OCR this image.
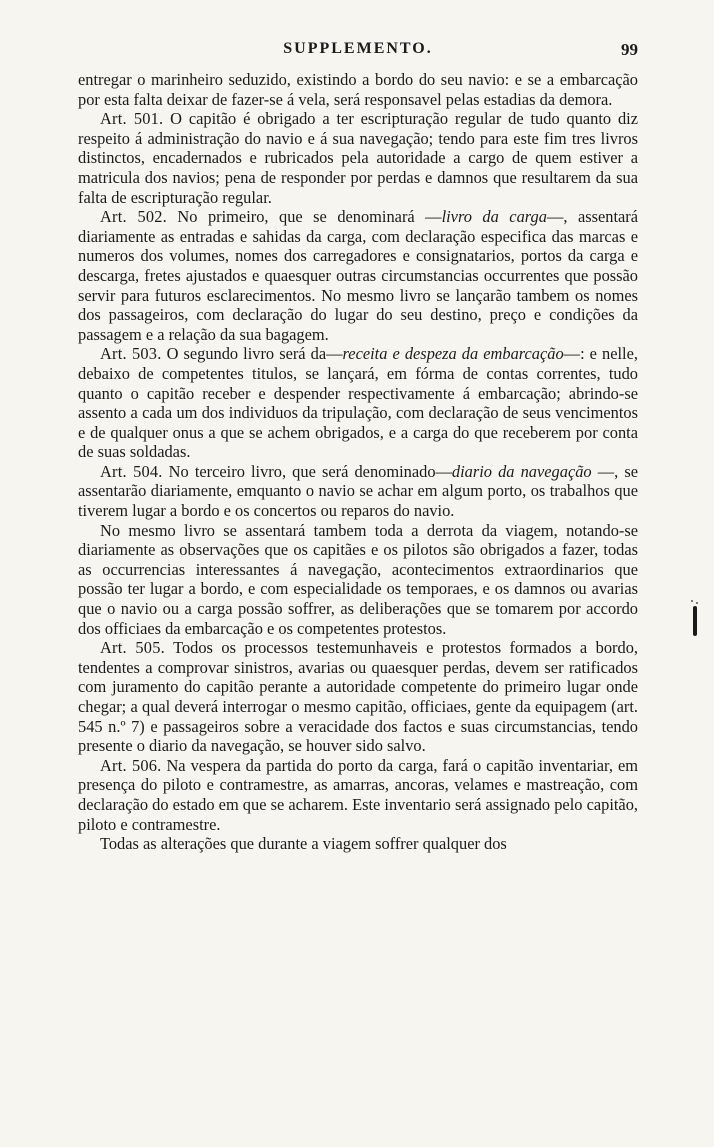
SUPPLEMENTO.	99

entregar o marinheiro seduzido, existindo a bordo do seu navio: e se a embarcação por esta falta deixar de fazer-se á vela, será responsavel pelas estadias da demora.

Art. 501. O capitão é obrigado a ter escripturação regular de tudo quanto diz respeito á administração do navio e á sua navegação; tendo para este fim tres livros distinctos, encadernados e rubricados pela autoridade a cargo de quem estiver a matricula dos navios; pena de responder por perdas e damnos que resultarem da sua falta de escripturação regular.

Art. 502. No primeiro, que se denominará —livro da carga—, assentará diariamente as entradas e sahidas da carga, com declaração especifica das marcas e numeros dos volumes, nomes dos carregadores e consignatarios, portos da carga e descarga, fretes ajustados e quaesquer outras circumstancias occurrentes que possão servir para futuros esclarecimentos. No mesmo livro se lançarão tambem os nomes dos passageiros, com declaração do lugar do seu destino, preço e condições da passagem e a relação da sua bagagem.

Art. 503. O segundo livro será da—receita e despeza da embarcação—: e nelle, debaixo de competentes titulos, se lançará, em fórma de contas correntes, tudo quanto o capitão receber e despender respectivamente á embarcação; abrindo-se assento a cada um dos individuos da tripulação, com declaração de seus vencimentos e de qualquer onus a que se achem obrigados, e a carga do que receberem por conta de suas soldadas.

Art. 504. No terceiro livro, que será denominado—diario da navegação —, se assentarão diariamente, emquanto o navio se achar em algum porto, os trabalhos que tiverem lugar a bordo e os concertos ou reparos do navio.

No mesmo livro se assentará tambem toda a derrota da viagem, notando-se diariamente as observações que os capitães e os pilotos são obrigados a fazer, todas as occurrencias interessantes á navegação, acontecimentos extraordinarios que possão ter lugar a bordo, e com especialidade os temporaes, e os damnos ou avarias que o navio ou a carga possão soffrer, as deliberações que se tomarem por accordo dos officiaes da embarcação e os competentes protestos.

Art. 505. Todos os processos testemunhaveis e protestos formados a bordo, tendentes a comprovar sinistros, avarias ou quaesquer perdas, devem ser ratificados com juramento do capitão perante a autoridade competente do primeiro lugar onde chegar; a qual deverá interrogar o mesmo capitão, officiaes, gente da equipagem (art. 545 n.º 7) e passageiros sobre a veracidade dos factos e suas circumstancias, tendo presente o diario da navegação, se houver sido salvo.

Art. 506. Na vespera da partida do porto da carga, fará o capitão inventariar, em presença do piloto e contramestre, as amarras, ancoras, velames e mastreação, com declaração do estado em que se acharem. Este inventario será assignado pelo capitão, piloto e contramestre.

Todas as alterações que durante a viagem soffrer qualquer dos
